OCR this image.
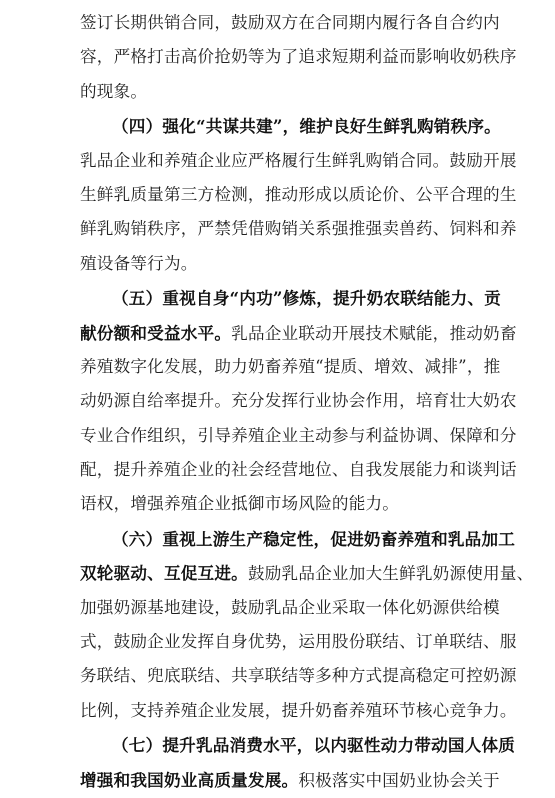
签订长期供销合同，鼓励双方在合同期内履行各自合约内
容，严格打击高价抢奶等为了追求短期利益而影响收奶秩序
的现象。
（四）强化“共谋共建”，维护良好生鲜乳购销秩序。
乳品企业和养殖企业应严格履行生鲜乳购销合同。鼓励开展
生鲜乳质量第三方检测，推动形成以质论价、公平合理的生
鲜乳购销秩序，严禁凭借购销关系强推强卖兽药、饲料和养
殖设备等行为。
（五）重视自身“内功”修炼，提升奶农联结能力、贡
献份额和受益水平。乳品企业联动开展技术赋能，推动奶畜
养殖数字化发展，助力奶畜养殖“提质、增效、减排”，推
动奶源自给率提升。充分发挥行业协会作用，培育壮大奶农
专业合作组织，引导养殖企业主动参与利益协调、保障和分
配，提升养殖企业的社会经营地位、自我发展能力和谈判话
语权，增强养殖企业抵御市场风险的能力。
（六）重视上游生产稳定性，促进奶畜养殖和乳品加工
双轮驱动、互促互进。鼓励乳品企业加大生鲜乳奶源使用量、
加强奶源基地建设，鼓励乳品企业采取一体化奶源供给模
式，鼓励企业发挥自身优势，运用股份联结、订单联结、服
务联结、兜底联结、共享联结等多种方式提高稳定可控奶源
比例，支持养殖企业发展，提升奶畜养殖环节核心竞争力。
（七）提升乳品消费水平，以内驱性动力带动国人体质
增强和我国奶业高质量发展。积极落实中国奶业协会关于
